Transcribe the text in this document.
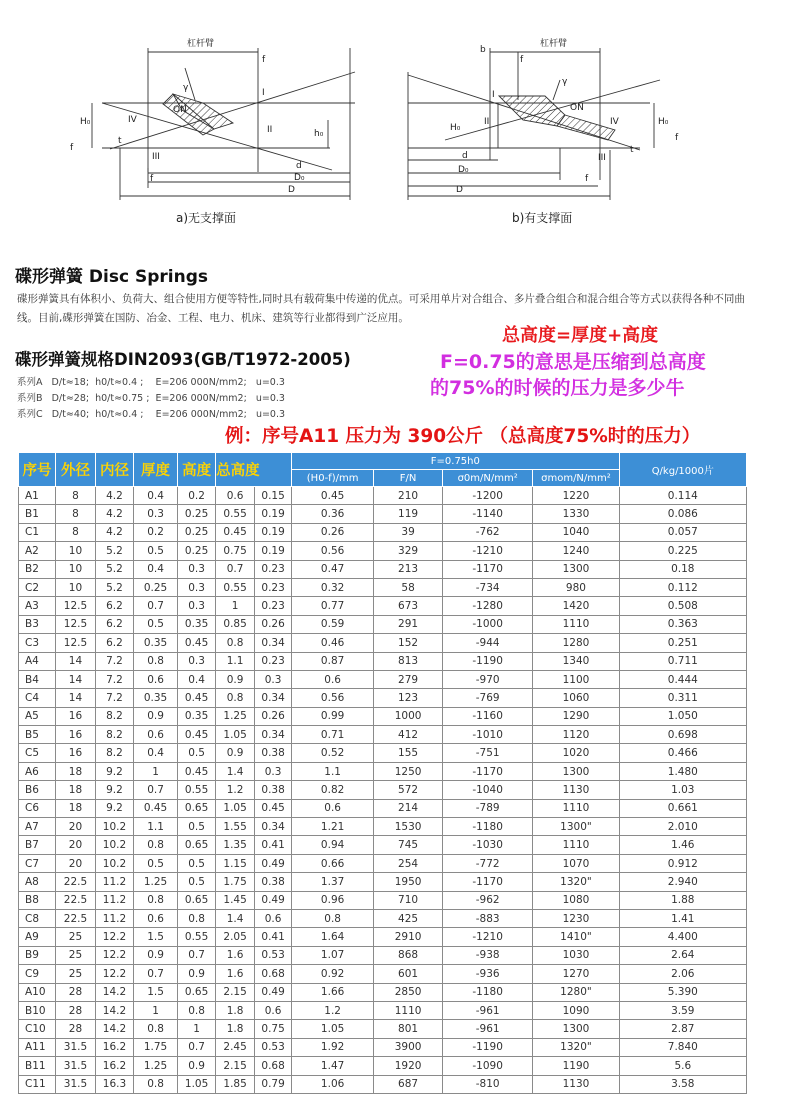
杠杆臂
γ
ON
I
II
III
IV
H₀
h₀
t
f
f
f
d
D₀
D
a)无支撑面
杠杆臂
b
γ
ON
I
II
III
IV	H₀
H₀
t
f
f
f
d
D₀
D
b)有支撑面
碟形弹簧 Disc Springs
碟形弹簧具有体积小、负荷大、组合使用方便等特性,同时具有载荷集中传递的优点。可采用单片对合组合、多片叠合组合和混合组合等方式以获得各种不同曲线。目前,碟形弹簧在国防、冶金、工程、电力、机床、建筑等行业都得到广泛应用。
碟形弹簧规格DIN2093(GB/T1972-2005)
系列A   D/t≈18;  h0/t≈0.4 ;    E=206 000N/mm2;   u=0.3
系列B   D/t≈28;  h0/t≈0.75 ;  E=206 000N/mm2;   u=0.3
系列C   D/t≈40;  h0/t≈0.4 ;    E=206 000N/mm2;   u=0.3
总高度=厚度+高度
F=0.75的意思是压缩到总高度
的75%的时候的压力是多少牛
例：序号A11 压力为 390公斤 （总高度75%时的压力）
序号	外径	内径	厚度	高度	总高度		F=0.75h0				Q/kg/1000片
							(H0-f)/mm	F/N	σ0m/N/mm²	σmom/N/mm²	
A1	8	4.2	0.4	0.2	0.6	0.15	0.45	210	-1200	1220	0.114
B1	8	4.2	0.3	0.25	0.55	0.19	0.36	119	-1140	1330	0.086
C1	8	4.2	0.2	0.25	0.45	0.19	0.26	39	-762	1040	0.057
A2	10	5.2	0.5	0.25	0.75	0.19	0.56	329	-1210	1240	0.225
B2	10	5.2	0.4	0.3	0.7	0.23	0.47	213	-1170	1300	0.18
C2	10	5.2	0.25	0.3	0.55	0.23	0.32	58	-734	980	0.112
A3	12.5	6.2	0.7	0.3	1	0.23	0.77	673	-1280	1420	0.508
B3	12.5	6.2	0.5	0.35	0.85	0.26	0.59	291	-1000	1110	0.363
C3	12.5	6.2	0.35	0.45	0.8	0.34	0.46	152	-944	1280	0.251
A4	14	7.2	0.8	0.3	1.1	0.23	0.87	813	-1190	1340	0.711
B4	14	7.2	0.6	0.4	0.9	0.3	0.6	279	-970	1100	0.444
C4	14	7.2	0.35	0.45	0.8	0.34	0.56	123	-769	1060	0.311
A5	16	8.2	0.9	0.35	1.25	0.26	0.99	1000	-1160	1290	1.050
B5	16	8.2	0.6	0.45	1.05	0.34	0.71	412	-1010	1120	0.698
C5	16	8.2	0.4	0.5	0.9	0.38	0.52	155	-751	1020	0.466
A6	18	9.2	1	0.45	1.4	0.3	1.1	1250	-1170	1300	1.480
B6	18	9.2	0.7	0.55	1.2	0.38	0.82	572	-1040	1130	1.03
C6	18	9.2	0.45	0.65	1.05	0.45	0.6	214	-789	1110	0.661
A7	20	10.2	1.1	0.5	1.55	0.34	1.21	1530	-1180	1300"	2.010
B7	20	10.2	0.8	0.65	1.35	0.41	0.94	745	-1030	1110	1.46
C7	20	10.2	0.5	0.5	1.15	0.49	0.66	254	-772	1070	0.912
A8	22.5	11.2	1.25	0.5	1.75	0.38	1.37	1950	-1170	1320"	2.940
B8	22.5	11.2	0.8	0.65	1.45	0.49	0.96	710	-962	1080	1.88
C8	22.5	11.2	0.6	0.8	1.4	0.6	0.8	425	-883	1230	1.41
A9	25	12.2	1.5	0.55	2.05	0.41	1.64	2910	-1210	1410"	4.400
B9	25	12.2	0.9	0.7	1.6	0.53	1.07	868	-938	1030	2.64
C9	25	12.2	0.7	0.9	1.6	0.68	0.92	601	-936	1270	2.06
A10	28	14.2	1.5	0.65	2.15	0.49	1.66	2850	-1180	1280"	5.390
B10	28	14.2	1	0.8	1.8	0.6	1.2	1110	-961	1090	3.59
C10	28	14.2	0.8	1	1.8	0.75	1.05	801	-961	1300	2.87
A11	31.5	16.2	1.75	0.7	2.45	0.53	1.92	3900	-1190	1320"	7.840
B11	31.5	16.2	1.25	0.9	2.15	0.68	1.47	1920	-1090	1190	5.6
C11	31.5	16.3	0.8	1.05	1.85	0.79	1.06	687	-810	1130	3.58
